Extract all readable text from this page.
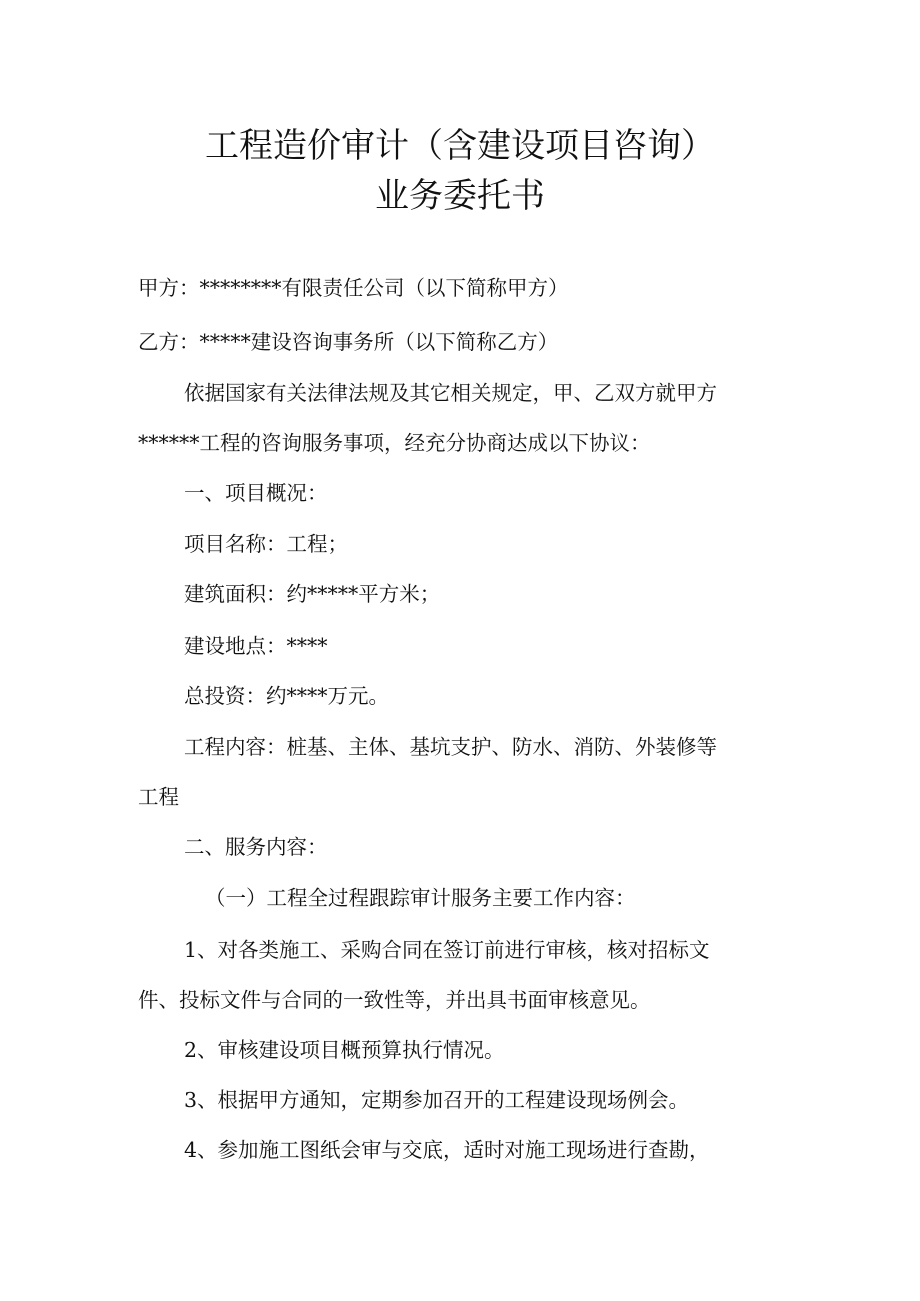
工程造价审计（含建设项目咨询）
业务委托书
甲方：********有限责任公司（以下简称甲方）
乙方：*****建设咨询事务所（以下简称乙方）
依据国家有关法律法规及其它相关规定，甲、乙双方就甲方
******工程的咨询服务事项，经充分协商达成以下协议：
一、项目概况：
项目名称：工程；
建筑面积：约*****平方米；
建设地点：****
总投资：约****万元。
工程内容：桩基、主体、基坑支护、防水、消防、外装修等
工程
二、服务内容：
（一）工程全过程跟踪审计服务主要工作内容：
1、对各类施工、采购合同在签订前进行审核，核对招标文
件、投标文件与合同的一致性等，并出具书面审核意见。
2、审核建设项目概预算执行情况。
3、根据甲方通知，定期参加召开的工程建设现场例会。
4、参加施工图纸会审与交底，适时对施工现场进行查勘，
